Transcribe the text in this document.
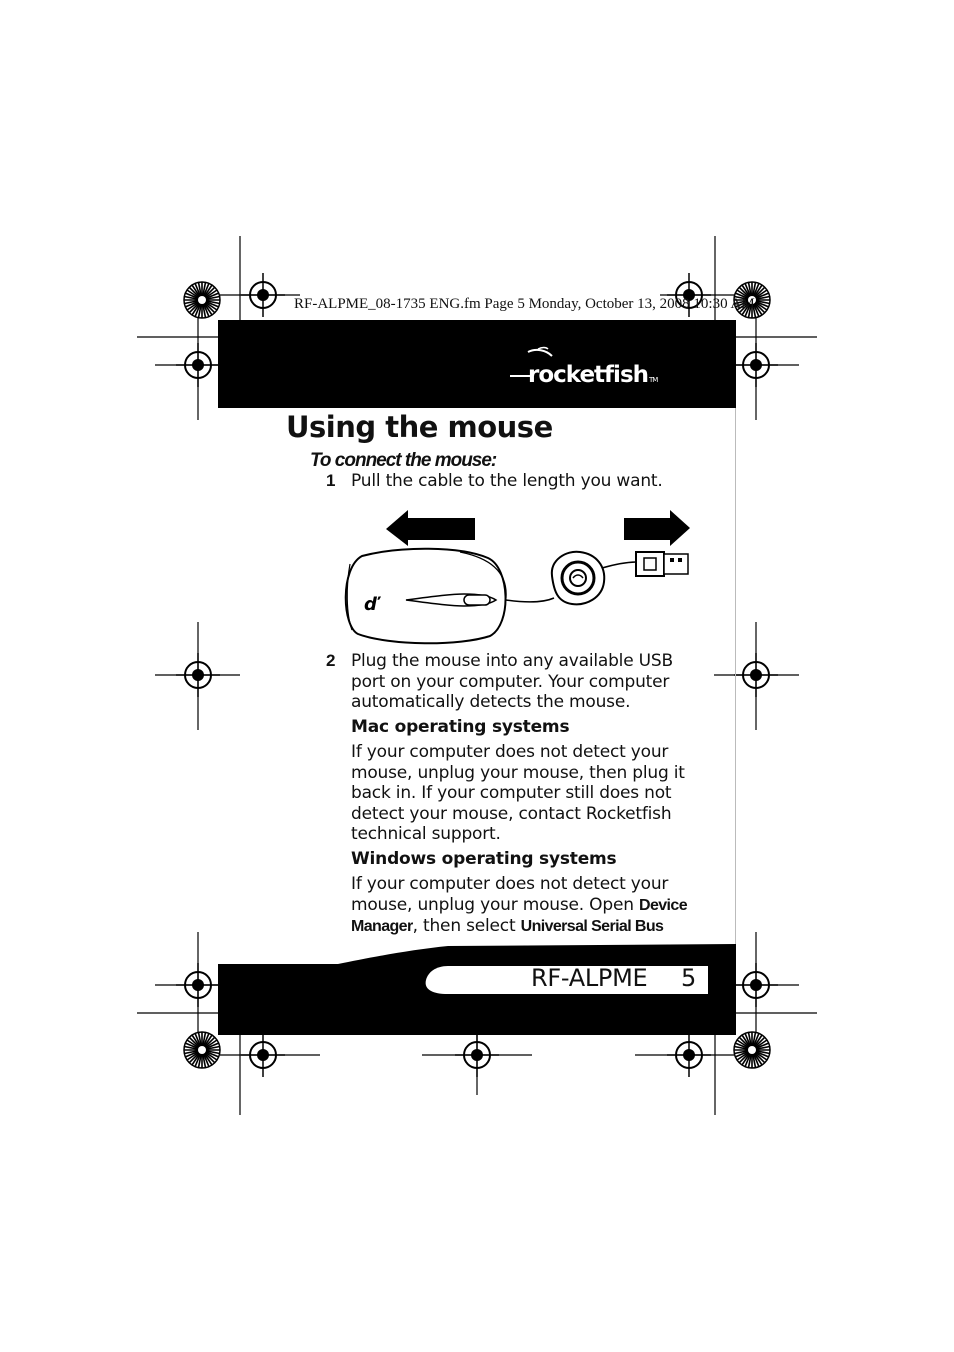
RF-ALPME_08-1735 ENG.fm Page 5 Monday, October 13, 2008 10:30 AM
rocketfishTM
Using the mouse
To connect the mouse:
1 Pull the cable to the length you want.
ď
2 Plug the mouse into any available USB port on your computer. Your computer automatically detects the mouse.
Mac operating systems
If your computer does not detect your mouse, unplug your mouse, then plug it back in. If your computer still does not detect your mouse, contact Rocketfish technical support.
Windows operating systems
If your computer does not detect your mouse, unplug your mouse. Open Device Manager, then select Universal Serial Bus
RF-ALPME 5
